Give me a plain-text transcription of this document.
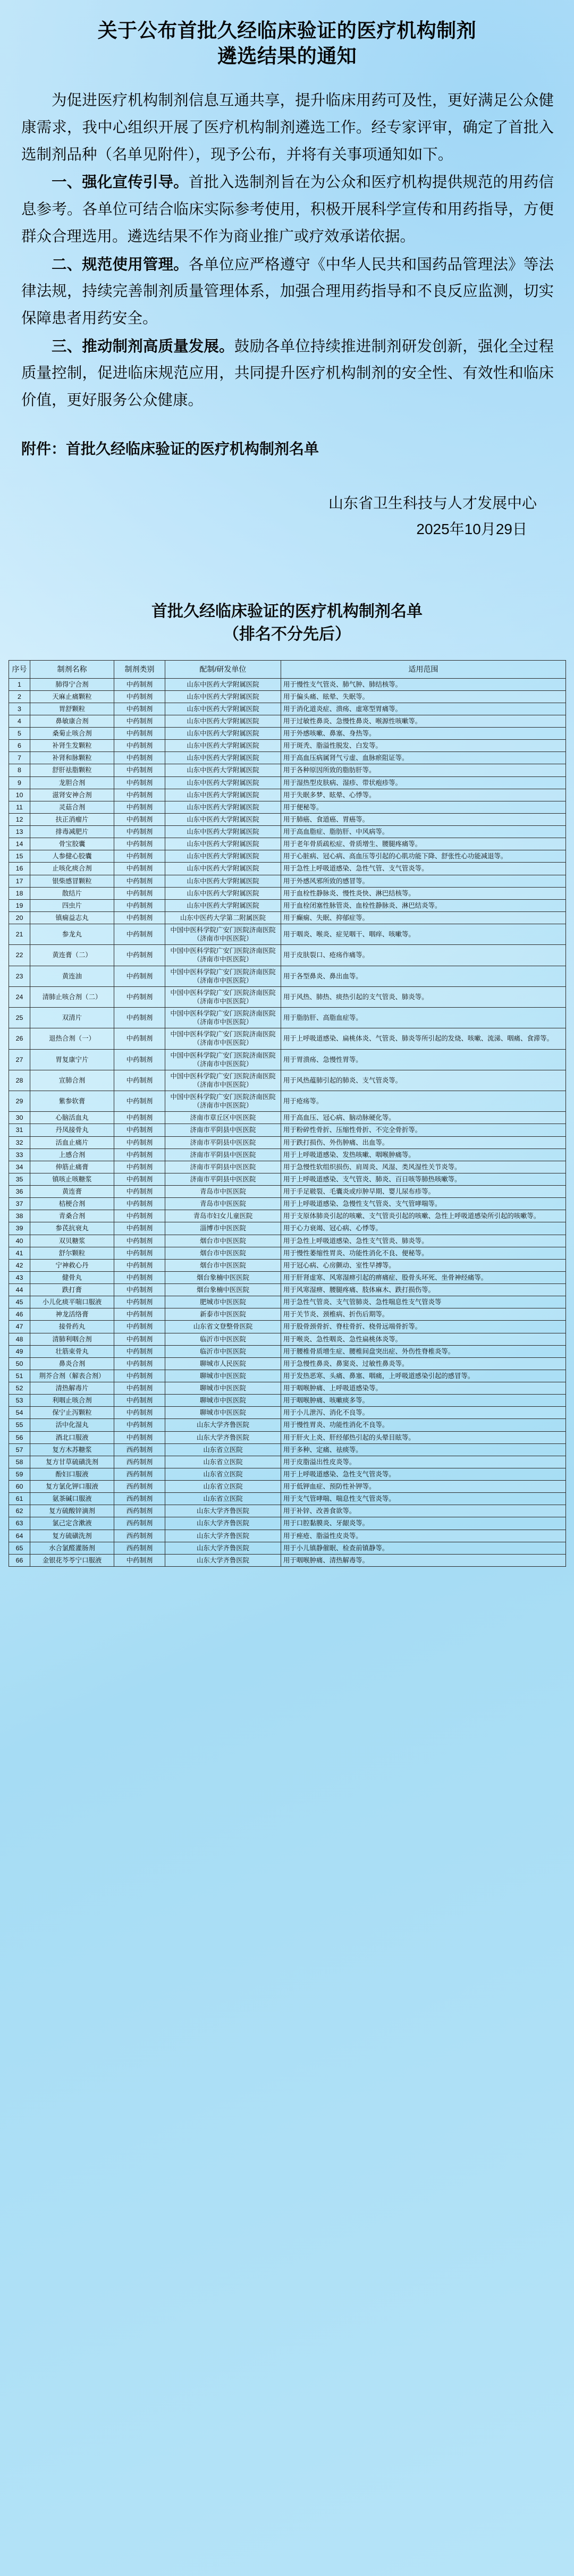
关于公布首批久经临床验证的医疗机构制剂
遴选结果的通知

为促进医疗机构制剂信息互通共享，提升临床用药可及性，更好满足公众健康需求，我中心组织开展了医疗机构制剂遴选工作。经专家评审，确定了首批入选制剂品种（名单见附件），现予公布，并将有关事项通知如下。

一、强化宣传引导。首批入选制剂旨在为公众和医疗机构提供规范的用药信息参考。各单位可结合临床实际参考使用，积极开展科学宣传和用药指导，方便群众合理选用。遴选结果不作为商业推广或疗效承诺依据。

二、规范使用管理。各单位应严格遵守《中华人民共和国药品管理法》等法律法规，持续完善制剂质量管理体系，加强合理用药指导和不良反应监测，切实保障患者用药安全。

三、推动制剂高质量发展。鼓励各单位持续推进制剂研发创新，强化全过程质量控制，促进临床规范应用，共同提升医疗机构制剂的安全性、有效性和临床价值，更好服务公众健康。

附件：首批久经临床验证的医疗机构制剂名单
山东省卫生科技与人才发展中心
2025年10月29日
首批久经临床验证的医疗机构制剂名单
（排名不分先后）
序号	制剂名称	制剂类别	配制/研发单位	适用范围
1	肺得宁合剂	中药制剂	山东中医药大学附属医院	用于慢性支气管炎、肺气肿、肺结核等。
2	天麻止痛颗粒	中药制剂	山东中医药大学附属医院	用于偏头痛、眩晕、失眠等。
3	胃舒颗粒	中药制剂	山东中医药大学附属医院	用于消化道炎症、溃疡、虚寒型胃痛等。
4	鼻敏康合剂	中药制剂	山东中医药大学附属医院	用于过敏性鼻炎、急慢性鼻炎、喉源性咳嗽等。
5	桑菊止咳合剂	中药制剂	山东中医药大学附属医院	用于外感咳嗽、鼻塞、身热等。
6	补肾生发颗粒	中药制剂	山东中医药大学附属医院	用于斑秃、脂溢性脱发、白发等。
7	补肾和脉颗粒	中药制剂	山东中医药大学附属医院	用于高血压病属肾气亏虚、血脉瘀阻证等。
8	舒肝祛脂颗粒	中药制剂	山东中医药大学附属医院	用于各种原因所致的脂肪肝等。
9	龙胆合剂	中药制剂	山东中医药大学附属医院	用于湿热型皮肤病、湿疹、带状疱疹等。
10	滋肾安神合剂	中药制剂	山东中医药大学附属医院	用于失眠多梦、眩晕、心悸等。
11	灵菇合剂	中药制剂	山东中医药大学附属医院	用于便秘等。
12	扶正消瘤片	中药制剂	山东中医药大学附属医院	用于肺癌、食道癌、胃癌等。
13	排毒减肥片	中药制剂	山东中医药大学附属医院	用于高血脂症、脂肪肝、中风病等。
14	骨宝胶囊	中药制剂	山东中医药大学附属医院	用于老年骨质疏松症、骨质增生、腰腿疼痛等。
15	人参健心胶囊	中药制剂	山东中医药大学附属医院	用于心脏病、冠心病、高血压等引起的心肌功能下降、舒张性心功能减退等。
16	止咳化痰合剂	中药制剂	山东中医药大学附属医院	用于急性上呼吸道感染、急性气管、支气管炎等。
17	银柴感冒颗粒	中药制剂	山东中医药大学附属医院	用于外感风邪所致的感冒等。
18	散结片	中药制剂	山东中医药大学附属医院	用于血栓性静脉炎、慢性炎快、淋巴结核等。
19	四虫片	中药制剂	山东中医药大学附属医院	用于血栓闭塞性脉管炎、血栓性静脉炎、淋巴结炎等。
20	镇痫益志丸	中药制剂	山东中医药大学第二附属医院	用于癫痫、失眠、抑郁症等。
21	参龙丸	中药制剂	中国中医科学院广安门医院济南医院（济南市中医医院）	用于咽炎、喉炎、症见咽干、咽痒、咳嗽等。
22	黄连膏（二）	中药制剂	中国中医科学院广安门医院济南医院（济南市中医医院）	用于皮肤裂口、疮疡作痛等。
23	黄连油	中药制剂	中国中医科学院广安门医院济南医院（济南市中医医院）	用于各型鼻炎、鼻出血等。
24	清肺止咳合剂（二）	中药制剂	中国中医科学院广安门医院济南医院（济南市中医医院）	用于风热、肺热、痰热引起的支气管炎、肺炎等。
25	双清片	中药制剂	中国中医科学院广安门医院济南医院（济南市中医医院）	用于脂肪肝、高脂血症等。
26	退热合剂（一）	中药制剂	中国中医科学院广安门医院济南医院（济南市中医医院）	用于上呼吸道感染、扁桃体炎、气管炎、肺炎等所引起的发烧、咳嗽、流涕、咽痛、食滞等。
27	胃复康宁片	中药制剂	中国中医科学院广安门医院济南医院（济南市中医医院）	用于胃溃疡、急慢性胃等。
28	宣肺合剂	中药制剂	中国中医科学院广安门医院济南医院（济南市中医医院）	用于风热蕴肺引起的肺炎、支气管炎等。
29	紫参软膏	中药制剂	中国中医科学院广安门医院济南医院（济南市中医医院）	用于疮疡等。
30	心脑活血丸	中药制剂	济南市章丘区中医医院	用于高血压、冠心病、脑动脉硬化等。
31	丹凤接骨丸	中药制剂	济南市平阴县中医医院	用于粉碎性骨折、压缩性骨折、不完全骨折等。
32	活血止痛片	中药制剂	济南市平阴县中医医院	用于跌打损伤、外伤肿痛、出血等。
33	上感合剂	中药制剂	济南市平阴县中医医院	用于上呼吸道感染、发热咳嗽、咽喉肿痛等。
34	伸筋止痛膏	中药制剂	济南市平阴县中医医院	用于急慢性软组织损伤、肩周炎、风湿、类风湿性关节炎等。
35	镇咳止咳糖浆	中药制剂	济南市平阴县中医医院	用于上呼吸道感染、支气管炎、肺炎、百日咳等肺热咳嗽等。
36	黄连膏	中药制剂	青岛市中医医院	用于手足皲裂、毛囊炎或疖肿早期、婴儿尿布疹等。
37	桔梗合剂	中药制剂	青岛市中医医院	用于上呼吸道感染、急慢性支气管炎、支气管哮喘等。
38	青桑合剂	中药制剂	青岛市妇女儿童医院	用于支原体肺炎引起的咳嗽、支气管炎引起的咳嗽、急性上呼吸道感染所引起的咳嗽等。
39	参芪抗衰丸	中药制剂	淄博市中医医院	用于心力衰竭、冠心病、心悸等。
40	双贝糖浆	中药制剂	烟台市中医医院	用于急性上呼吸道感染、急性支气管炎、肺炎等。
41	舒尔颗粒	中药制剂	烟台市中医医院	用于慢性萎缩性胃炎、功能性消化不良、便秘等。
42	宁神救心丹	中药制剂	烟台市中医医院	用于冠心病、心房颤动、室性早搏等。
43	健骨丸	中药制剂	烟台象楠中医医院	用于肝肾虚寒、风寒湿痹引起的痹痛症、股骨头坏死、坐骨神经痛等。
44	跌打膏	中药制剂	烟台象楠中医医院	用于风寒湿痹、腰腿疼痛、肢体麻木、跌打损伤等。
45	小儿化痰平喘口服液	中药制剂	肥城市中医医院	用于急性气管炎、支气管肺炎、急性喘息性支气管炎等
46	神龙活络膏	中药制剂	新泰市中医医院	用于关节炎、颈椎病、折伤后期等。
47	接骨药丸	中药制剂	山东省文登整骨医院	用于股骨颈骨折、脊柱骨折、桡骨远端骨折等。
48	清肺利咽合剂	中药制剂	临沂市中医医院	用于喉炎、急性咽炎、急性扁桃体炎等。
49	壮筋束骨丸	中药制剂	临沂市中医医院	用于腰椎骨质增生症、腰椎间盘突出症、外伤性脊椎炎等。
50	鼻炎合剂	中药制剂	聊城市人民医院	用于急慢性鼻炎、鼻窦炎、过敏性鼻炎等。
51	荆芥合剂（解表合剂）	中药制剂	聊城市中医医院	用于发热恶寒、头痛、鼻塞、咽痛，上呼吸道感染引起的感冒等。
52	清热解毒片	中药制剂	聊城市中医医院	用于咽喉肿痛、上呼吸道感染等。
53	利咽止咳合剂	中药制剂	聊城市中医医院	用于咽喉肿痛、咳嗽痰多等。
54	保宁止泻颗粒	中药制剂	聊城市中医医院	用于小儿泄泻、消化不良等。
55	活中化湿丸	中药制剂	山东大学齐鲁医院	用于慢性胃炎、功能性消化不良等。
56	酒北口服液	中药制剂	山东大学齐鲁医院	用于肝火上炎、肝经郁热引起的头晕目眩等。
57	复方木苏糖浆	西药制剂	山东省立医院	用于多种、定痛、祛痰等。
58	复方甘草硫磺洗剂	西药制剂	山东省立医院	用于皮脂溢出性皮炎等。
59	酚妇口服液	西药制剂	山东省立医院	用于上呼吸道感染、急性支气管炎等。
60	复方氯化钾口服液	西药制剂	山东省立医院	用于低钾血症、预防性补钾等。
61	氨茶碱口服液	西药制剂	山东省立医院	用于支气管哮喘、喘息性支气管炎等。
62	复方硫酸锌滴剂	西药制剂	山东大学齐鲁医院	用于补锌、改善食欲等。
63	氯己定含漱液	西药制剂	山东大学齐鲁医院	用于口腔黏膜炎、牙龈炎等。
64	复方硫磺洗剂	西药制剂	山东大学齐鲁医院	用于痤疮、脂溢性皮炎等。
65	水合氯醛灌肠剂	西药制剂	山东大学齐鲁医院	用于小儿镇静催眠、检查前镇静等。
66	金银花芩苓宁口服液	中药制剂	山东大学齐鲁医院	用于咽喉肿痛、清热解毒等。
